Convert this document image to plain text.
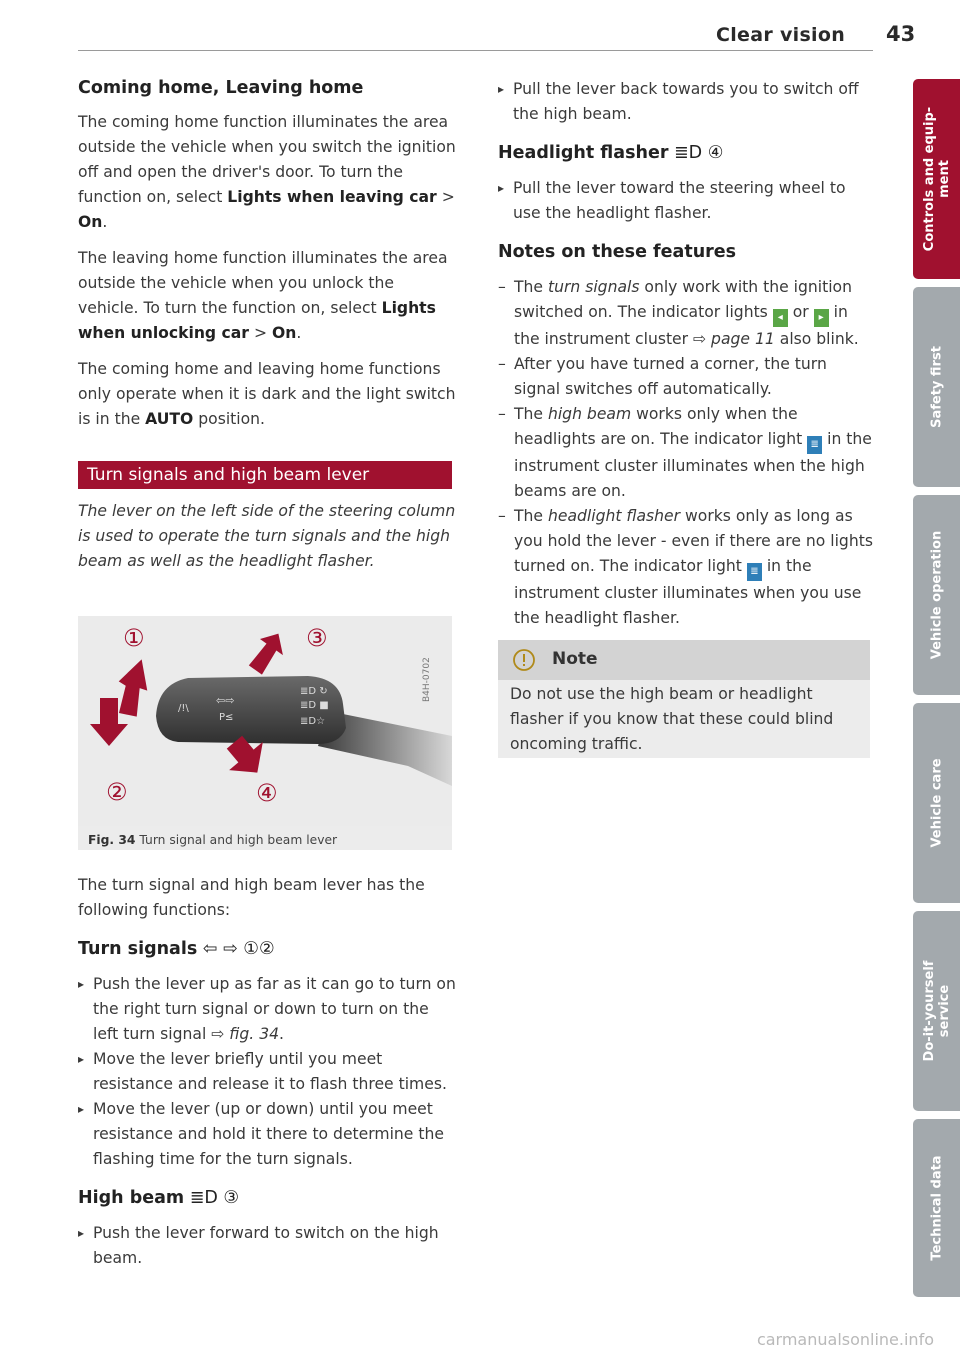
Clear vision 43
Coming home, Leaving home
The coming home function illuminates the area outside the vehicle when you switch the ignition off and open the driver's door. To turn the function on, select Lights when leaving car > On.
The leaving home function illuminates the area outside the vehicle when you unlock the vehicle. To turn the function on, select Lights when unlocking car > On.
The coming home and leaving home functions only operate when it is dark and the light switch is in the AUTO position.
The lever on the left side of the steering column is used to operate the turn signals and the high beam as well as the headlight flasher.
The turn signal and high beam lever has the following functions:
Turn signals ⇦ ⇨ ①②
▸ Push the lever up as far as it can go to turn on the right turn signal or down to turn on the left turn signal ⇨ fig. 34.
▸ Move the lever briefly until you meet resistance and release it to flash three times.
▸ Move the lever (up or down) until you meet resistance and hold it there to determine the flashing time for the turn signals.
High beam ≣D ③
▸ Push the lever forward to switch on the high beam.
Turn signals and high beam lever
/!\
⇦⇨
P≤
≣D ↻
≣D ■
≣D☆
①
②
③
④
Fig. 34 Turn signal and high beam lever
B4H-0702
▸ Pull the lever back towards you to switch off the high beam.
Headlight flasher ≣D ④
▸ Pull the lever toward the steering wheel to use the headlight flasher.
Notes on these features
– The turn signals only work with the ignition switched on. The indicator lights ◂ or ▸ in the instrument cluster ⇨ page 11 also blink.
– After you have turned a corner, the turn signal switches off automatically.
– The high beam works only when the headlights are on. The indicator light ≣ in the instrument cluster illuminates when the high beams are on.
– The headlight flasher works only as long as you hold the lever - even if there are no lights turned on. The indicator light ≣ in the instrument cluster illuminates when you use the headlight flasher.
Note
Do not use the high beam or headlight flasher if you know that these could blind oncoming traffic.
Controls and equip-
ment
Safety first
Vehicle operation
Vehicle care
Do-it-yourself
service
Technical data
carmanualsonline.info
